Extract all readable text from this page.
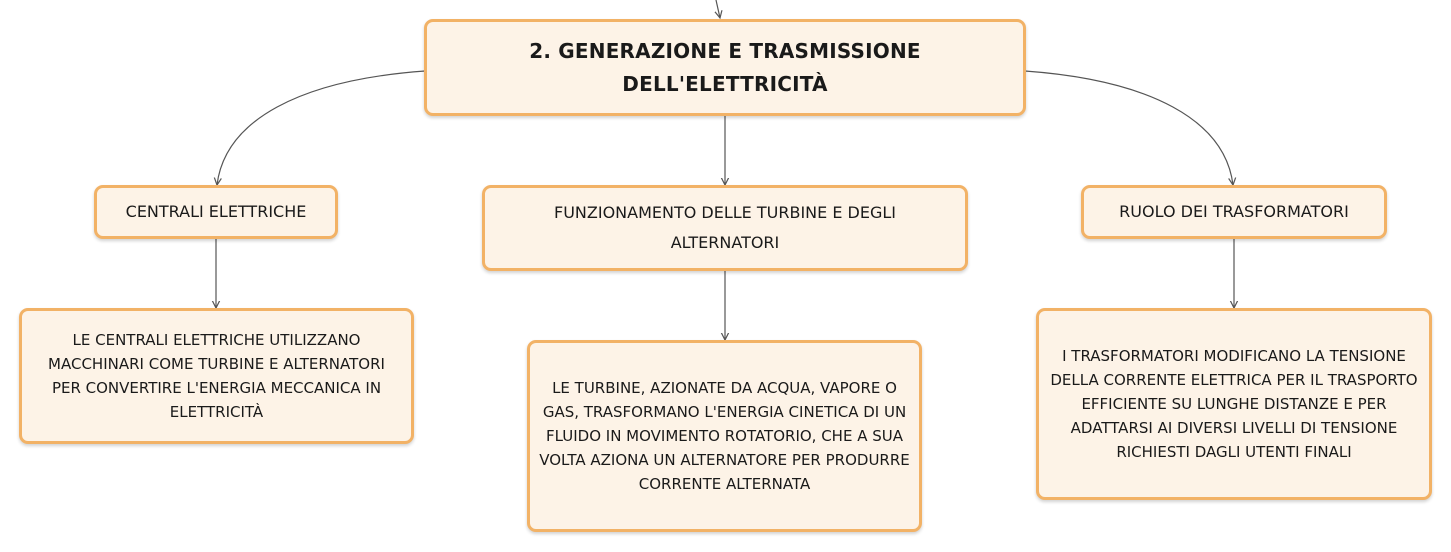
2. GENERAZIONE E TRASMISSIONE DELL'ELETTRICITÀ
CENTRALI ELETTRICHE	FUNZIONAMENTO DELLE TURBINE E DEGLI ALTERNATORI
RUOLO DEI TRASFORMATORI
LE CENTRALI ELETTRICHE UTILIZZANO MACCHINARI COME TURBINE E ALTERNATORI PER CONVERTIRE L'ENERGIA MECCANICA IN ELETTRICITÀ
LE TURBINE, AZIONATE DA ACQUA, VAPORE O GAS, TRASFORMANO L'ENERGIA CINETICA DI UN FLUIDO IN MOVIMENTO ROTATORIO, CHE A SUA VOLTA AZIONA UN ALTERNATORE PER PRODURRE CORRENTE ALTERNATA
I TRASFORMATORI MODIFICANO LA TENSIONE DELLA CORRENTE ELETTRICA PER IL TRASPORTO EFFICIENTE SU LUNGHE DISTANZE E PER ADATTARSI AI DIVERSI LIVELLI DI TENSIONE RICHIESTI DAGLI UTENTI FINALI
